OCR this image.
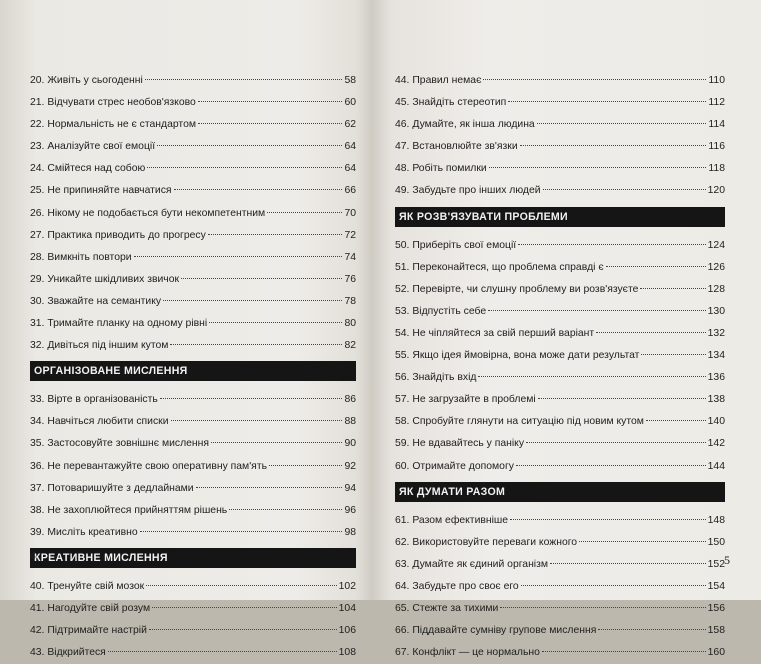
20. Живіть у сьогоденні	58
21. Відчувати стрес необов'язково	60
22. Нормальність не є стандартом	62
23. Аналізуйте свої емоції	64
24. Смійтеся над собою	64
25. Не припиняйте навчатися	66
26. Нікому не подобається бути некомпетентним	70
27. Практика приводить до прогресу	72
28. Вимкніть повтори	74
29. Уникайте шкідливих звичок	76
30. Зважайте на семантику	78
31. Тримайте планку на одному рівні	80
32. Дивіться під іншим кутом	82
ОРГАНІЗОВАНЕ МИСЛЕННЯ
33. Вірте в організованість	86
34. Навчіться любити списки	88
35. Застосовуйте зовнішнє мислення	90
36. Не перевантажуйте свою оперативну пам'ять	92
37. Потоваришуйте з дедлайнами	94
38. Не захоплюйтеся прийняттям рішень	96
39. Мисліть креативно	98
КРЕАТИВНЕ МИСЛЕННЯ
40. Тренуйте свій мозок	102
41. Нагодуйте свій розум	104
42. Підтримайте настрій	106
43. Відкрийтеся	108
4
44. Правил немає	110
45. Знайдіть стереотип	112
46. Думайте, як інша людина	114
47. Встановлюйте зв'язки	116
48. Робіть помилки	118
49. Забудьте про інших людей	120
ЯК РОЗВ'ЯЗУВАТИ ПРОБЛЕМИ
50. Приберіть свої емоції	124
51. Переконайтеся, що проблема справді є	126
52. Перевірте, чи слушну проблему ви розв'язуєте	128
53. Відпустіть себе	130
54. Не чіпляйтеся за свій перший варіант	132
55. Якщо ідея ймовірна, вона може дати результат	134
56. Знайдіть вхід	136
57. Не загрузайте в проблемі	138
58. Спробуйте глянути на ситуацію під новим кутом	140
59. Не вдавайтесь у паніку	142
60. Отримайте допомогу	144
ЯК ДУМАТИ РАЗОМ
61. Разом ефективніше	148
62. Використовуйте переваги кожного	150
63. Думайте як єдиний організм	152
64. Забудьте про своє его	154
65. Стежте за тихими	156
66. Піддавайте сумніву групове мислення	158
67. Конфлікт — це нормально	160
5
